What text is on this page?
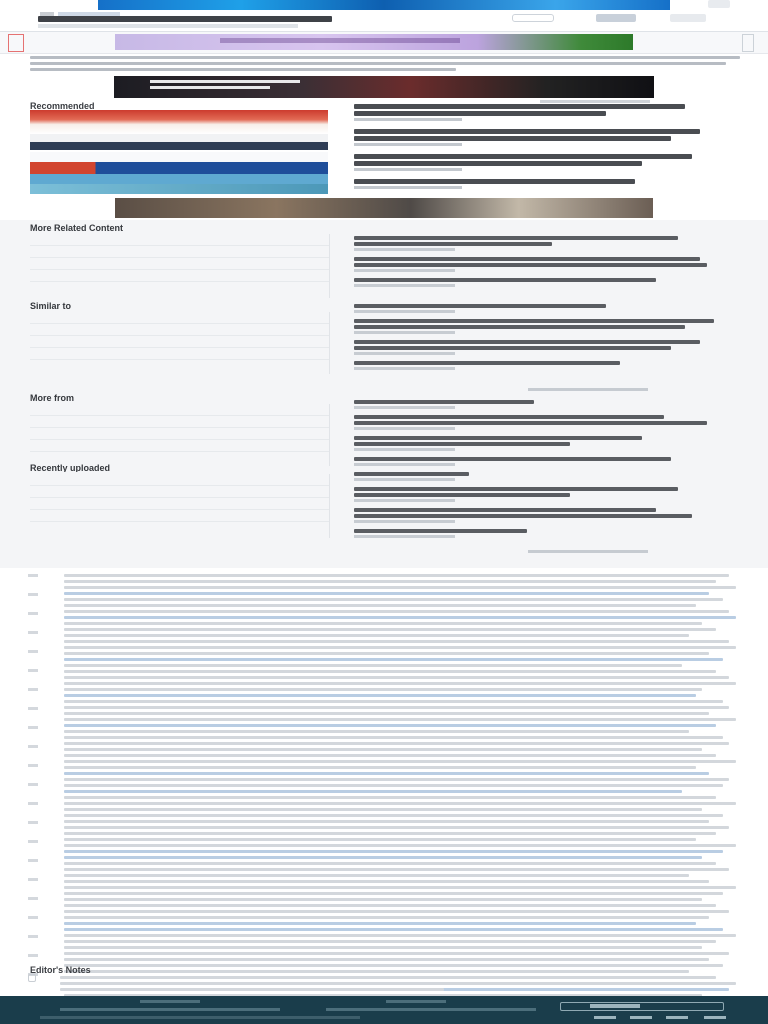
Recommended
More Related Content
Similar to
More from
Recently uploaded
Editor's Notes
